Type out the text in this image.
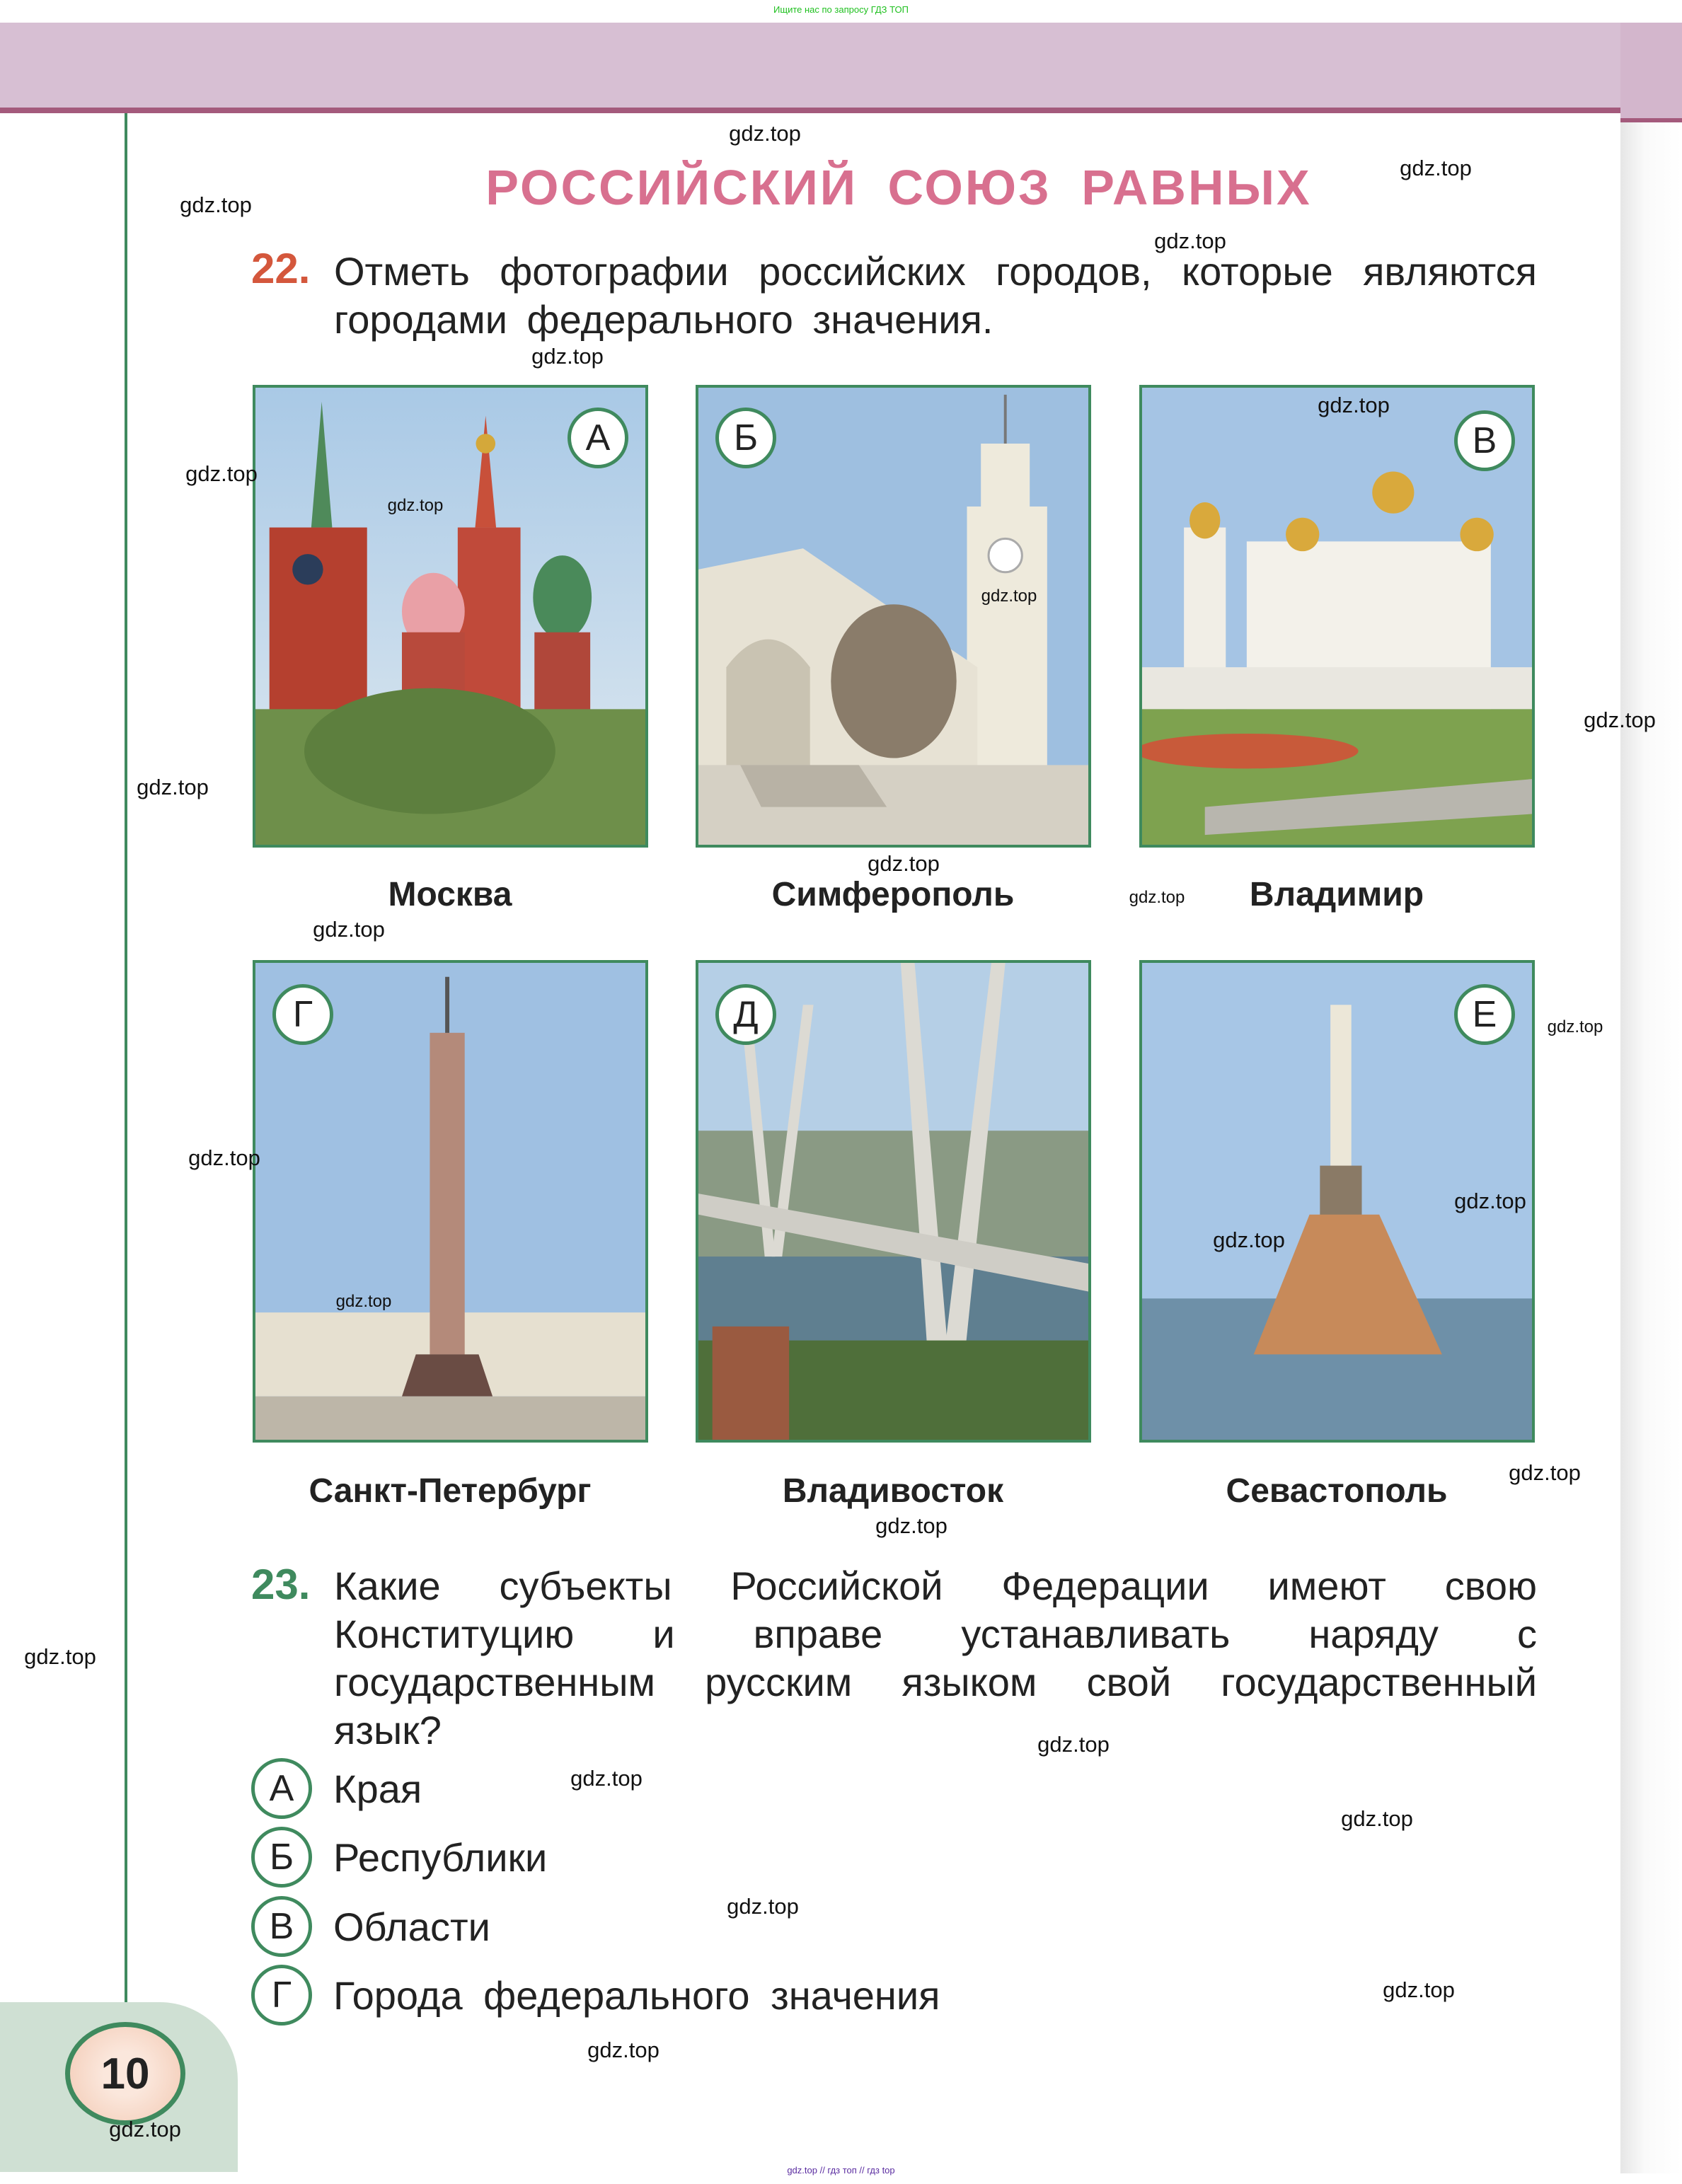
Ищите нас по запросу ГДЗ ТОП
РОССИЙСКИЙ СОЮЗ РАВНЫХ
22. Отметь фотографии российских городов, которые являются городами федерального значения.
А	Б	В
Москва	Симферополь	Владимир
Г	Д	Е
Санкт-Петербург	Владивосток	Севастополь
23. Какие субъекты Российской Федерации имеют свою Конституцию и вправе устанавливать наряду с государственным русским языком свой государственный язык?
А Края
Б Республики
В Области
Г	Города федерального значения
10
gdz.top
gdz.top
gdz.top
gdz.top
gdz.top
gdz.top
gdz.top
gdz.top
gdz.top
gdz.top
gdz.top
gdz.top
gdz.top
gdz.top
gdz.top
gdz.top
gdz.top
gdz.top
gdz.top
gdz.top
gdz.top
gdz.top
gdz.top
gdz.top
gdz.top
gdz.top
gdz.top
gdz.top
gdz.top
gdz.top // гдз топ // гдз top
